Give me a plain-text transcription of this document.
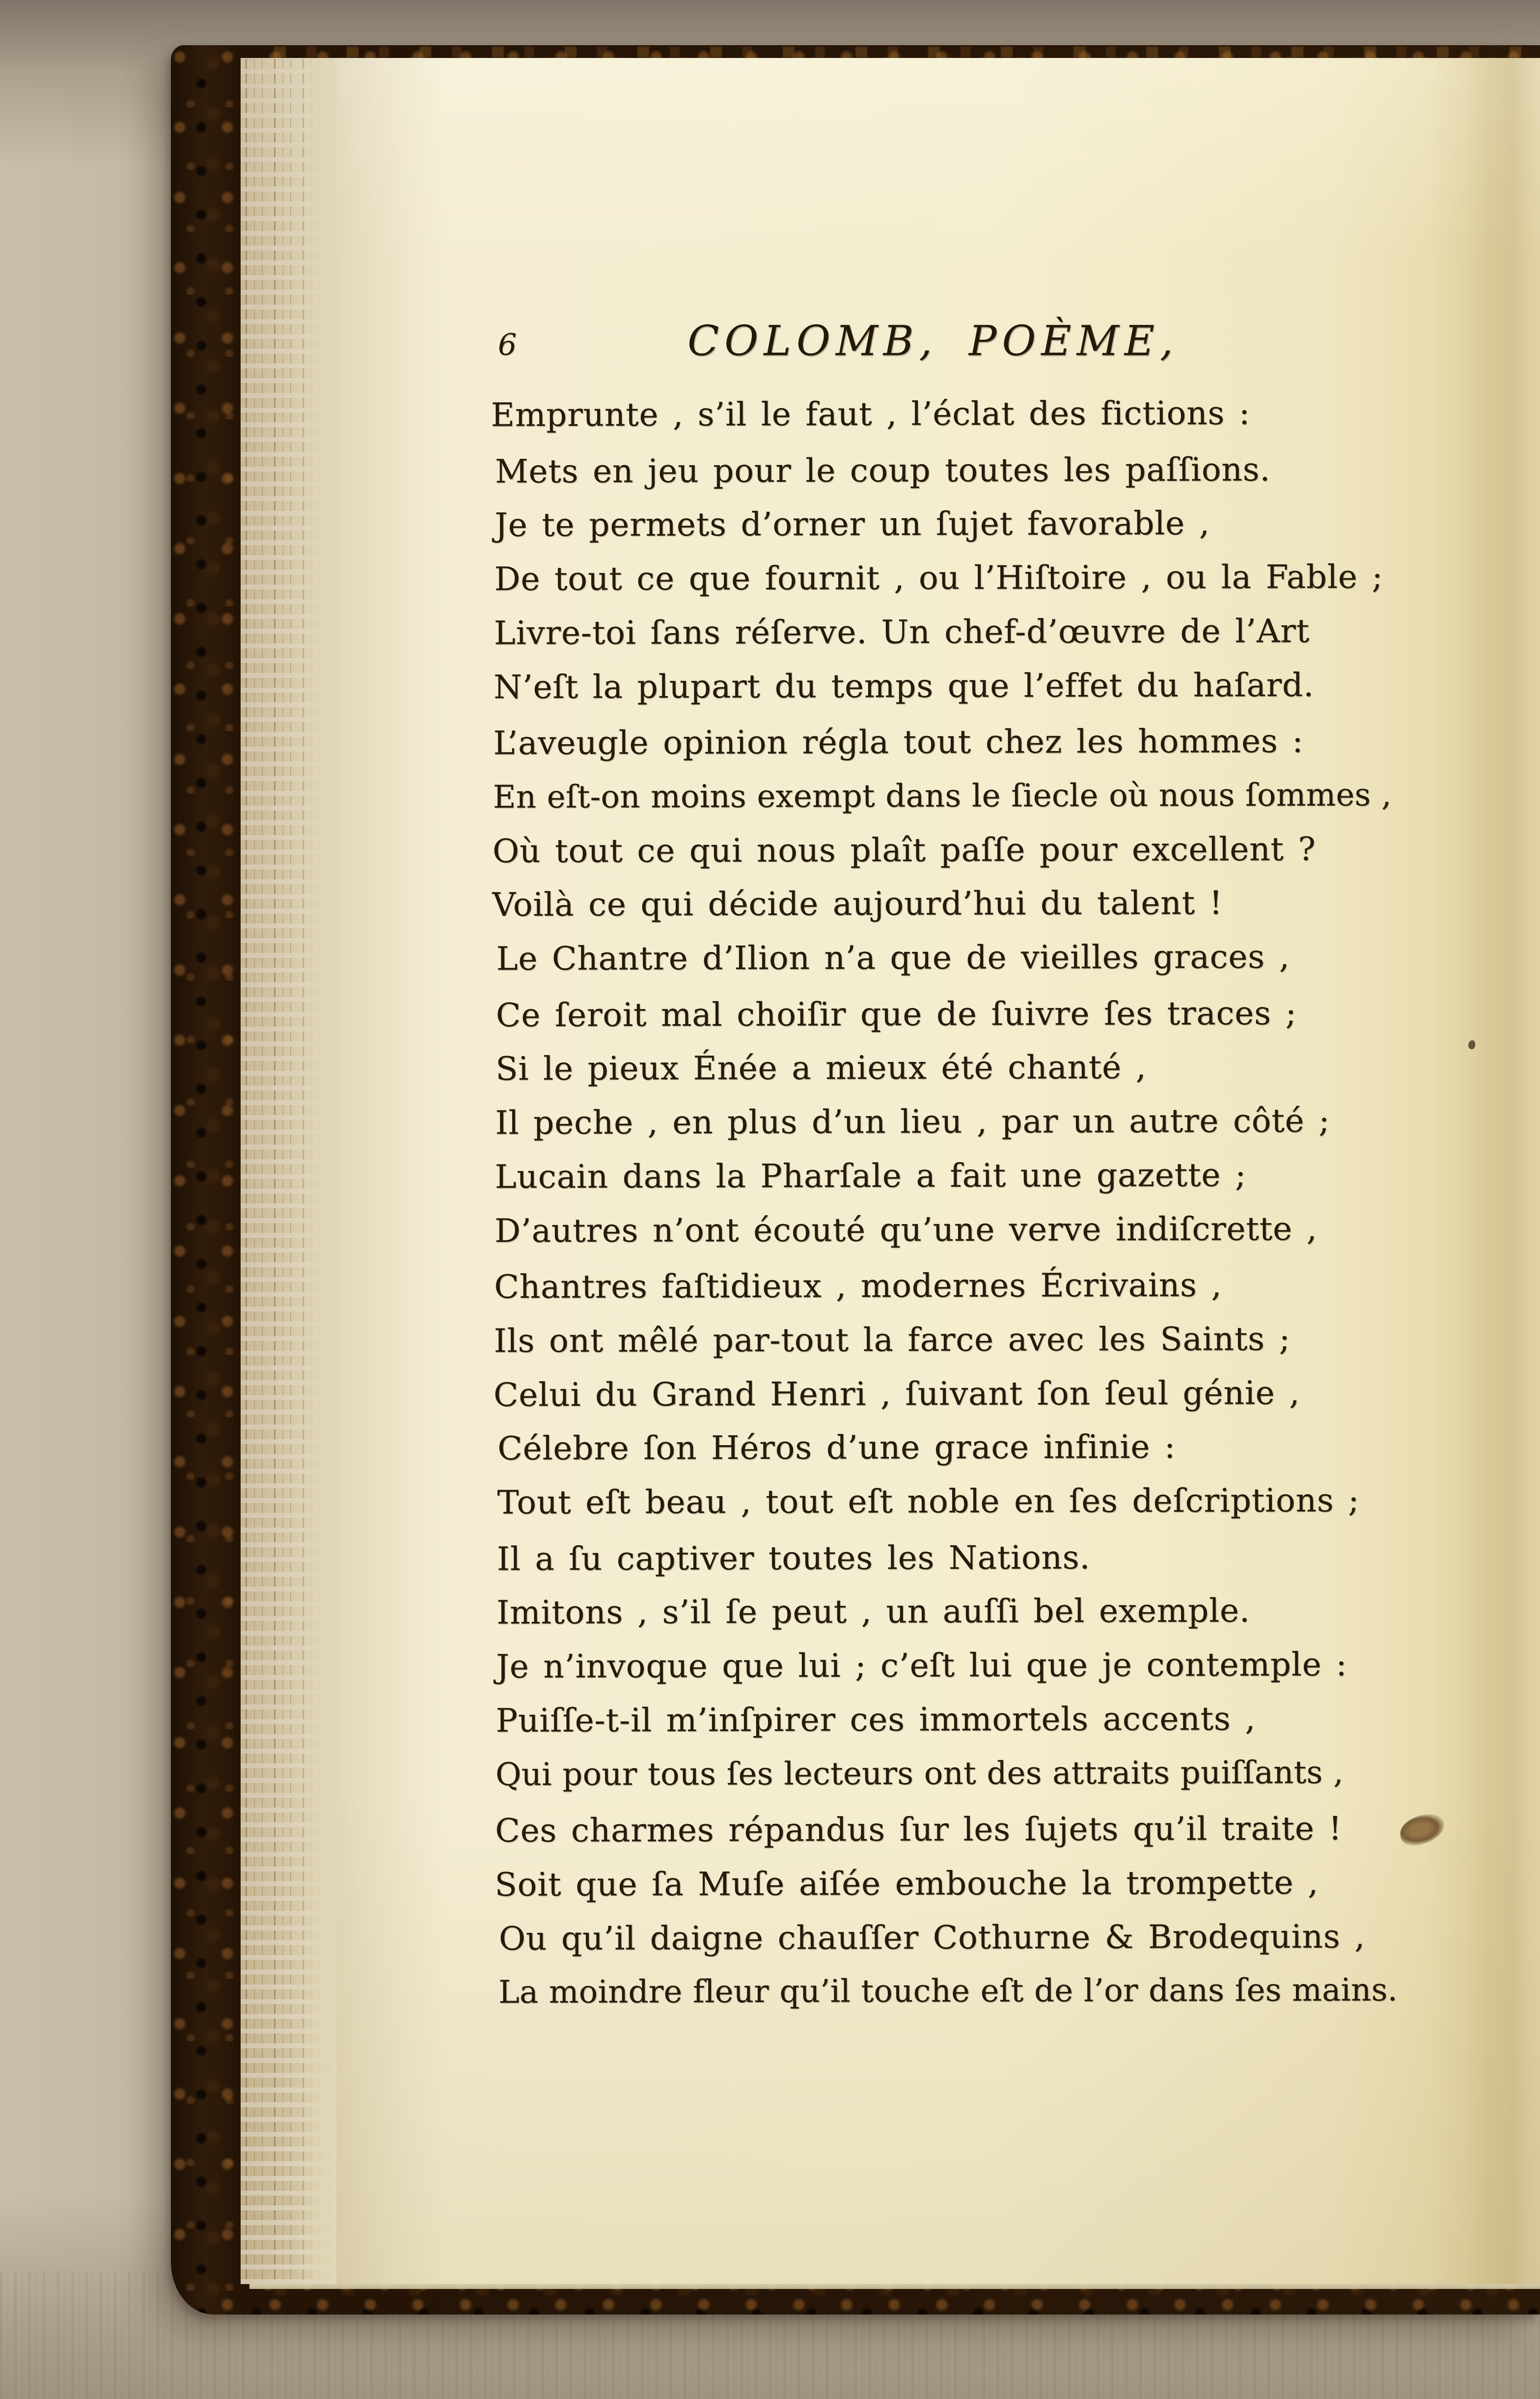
6	COLOMB, POÈME,
Emprunte , s’il le faut , l’éclat des fictions :
Mets en jeu pour le coup toutes les paſſions.
Je te permets d’orner un ſujet favorable ,
De tout ce que fournit , ou l’Hiſtoire , ou la Fable ;
Livre-toi ſans réſerve. Un chef-d’œuvre de l’Art
N’eſt la plupart du temps que l’effet du haſard.
L’aveugle opinion régla tout chez les hommes :
En eſt-on moins exempt dans le ſiecle où nous ſommes ,
Où tout ce qui nous plaît paſſe pour excellent ?
Voilà ce qui décide aujourd’hui du talent !
Le Chantre d’Ilion n’a que de vieilles graces ,
Ce ſeroit mal choiſir que de ſuivre ſes traces ;
Si le pieux Énée a mieux été chanté ,
Il peche , en plus d’un lieu , par un autre côté ;
Lucain dans la Pharſale a fait une gazette ;
D’autres n’ont écouté qu’une verve indiſcrette ,
Chantres faſtidieux , modernes Écrivains ,
Ils ont mêlé par-tout la farce avec les Saints ;
Celui du Grand Henri , ſuivant ſon ſeul génie ,
Célebre ſon Héros d’une grace infinie :
Tout eſt beau , tout eſt noble en ſes deſcriptions ;
Il a ſu captiver toutes les Nations.
Imitons , s’il ſe peut , un auſſi bel exemple.
Je n’invoque que lui ; c’eſt lui que je contemple :
Puiſſe-t-il m’inſpirer ces immortels accents ,
Qui pour tous ſes lecteurs ont des attraits puiſſants ,
Ces charmes répandus ſur les ſujets qu’il traite !
Soit que ſa Muſe aiſée embouche la trompette ,
Ou qu’il daigne chauſſer Cothurne & Brodequins ,
La moindre fleur qu’il touche eſt de l’or dans ſes mains.
